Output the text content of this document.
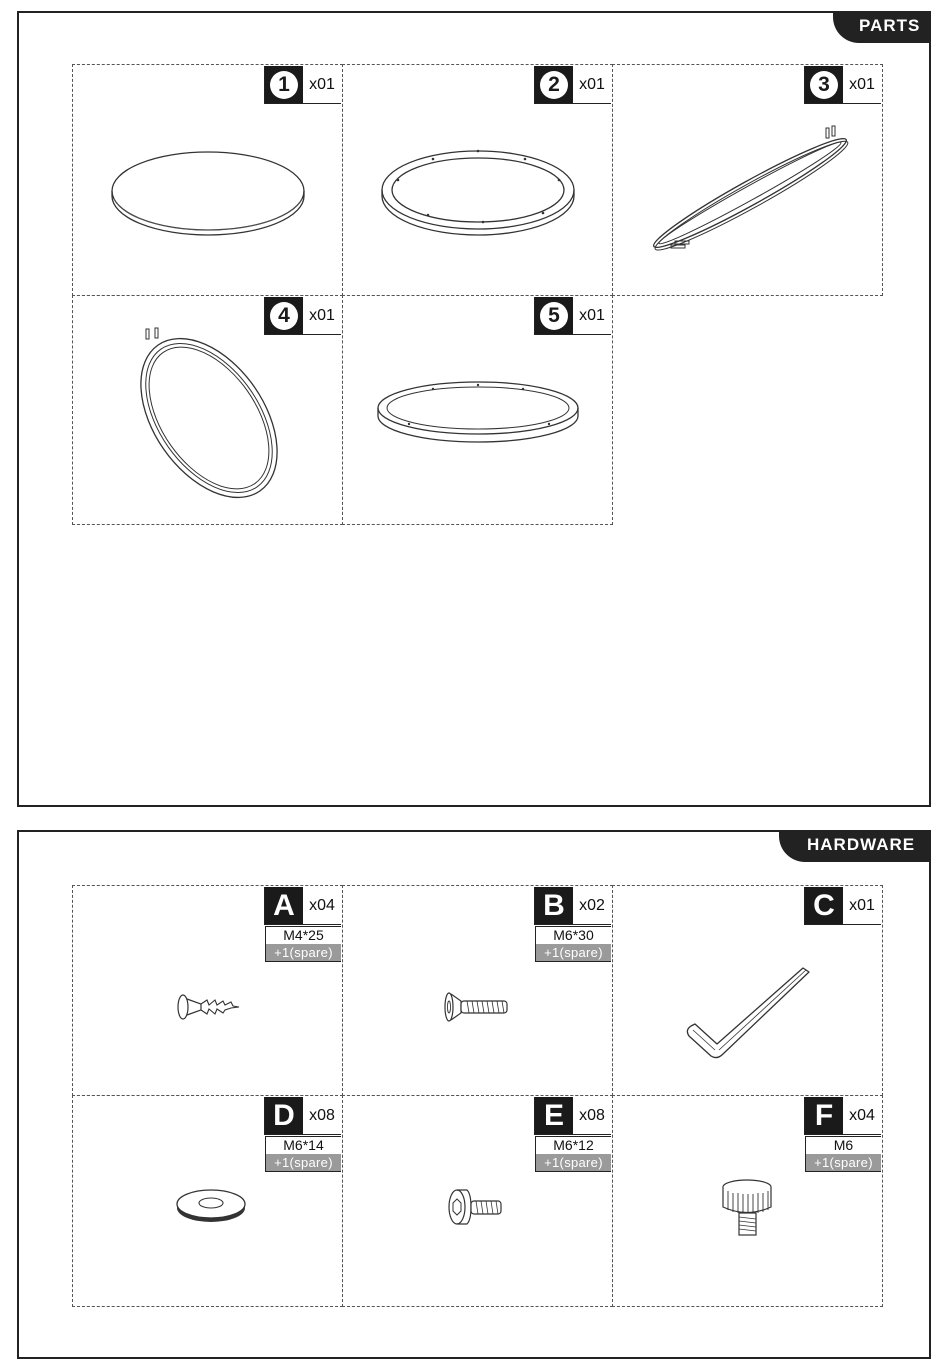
PARTS
1	x01	2	x01	3	x01
4	x01	5	x01
HARDWARE
A x04
M4*25
+1(spare)
B x02
M6*30
+1(spare)
C x01
D x08
M6*14
+1(spare)
E x08
M6*12
+1(spare)
F x04
M6
+1(spare)
